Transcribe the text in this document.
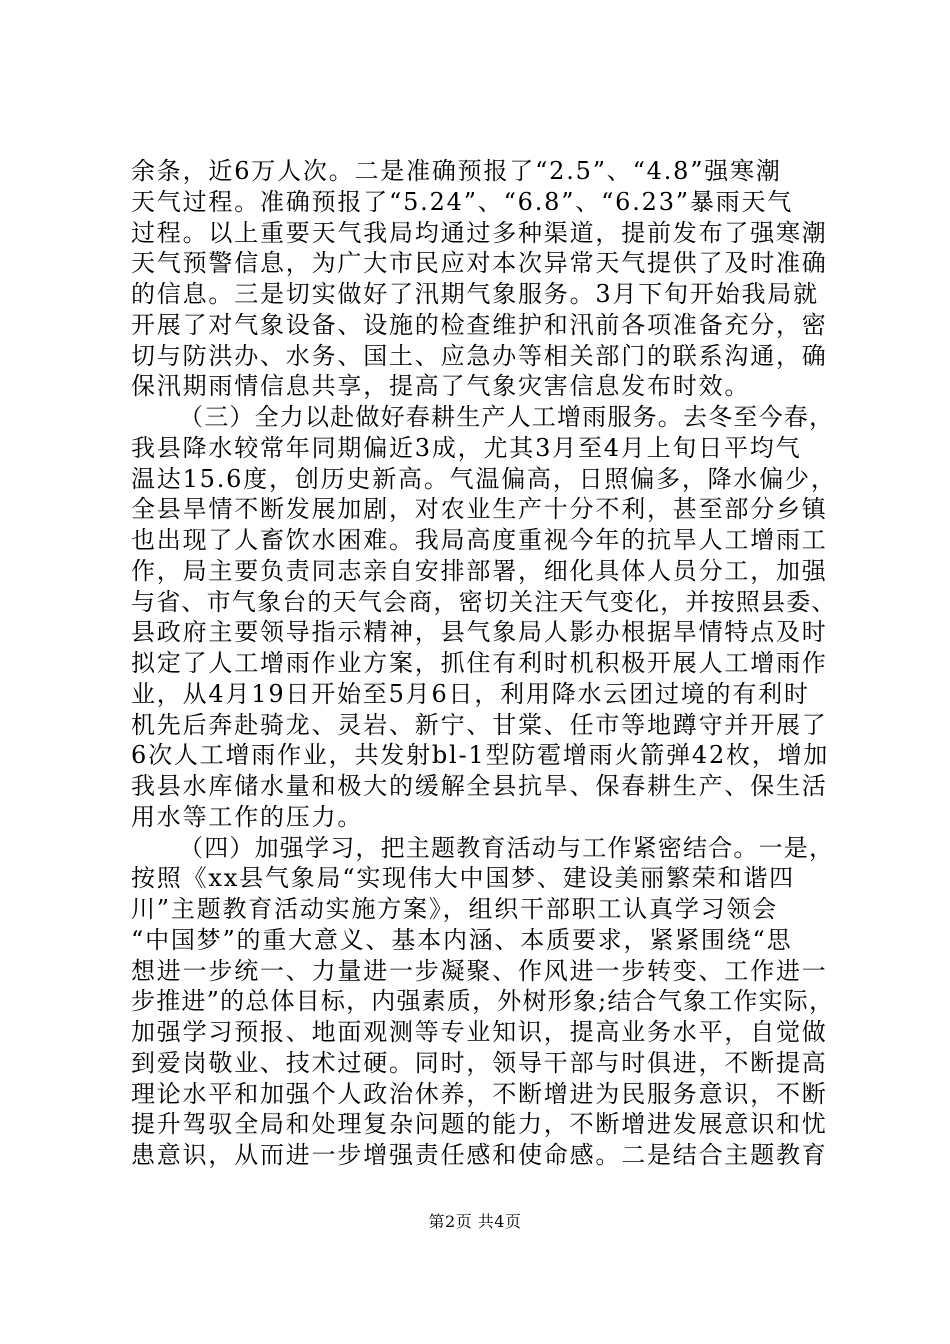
余条，近6万人次。二是准确预报了“2.5”、“4.8”强寒潮
天气过程。准确预报了“5.24”、“6.8”、“6.23”暴雨天气
过程。以上重要天气我局均通过多种渠道，提前发布了强寒潮
天气预警信息，为广大市民应对本次异常天气提供了及时准确
的信息。三是切实做好了汛期气象服务。3月下旬开始我局就
开展了对气象设备、设施的检查维护和汛前各项准备充分，密
切与防洪办、水务、国土、应急办等相关部门的联系沟通，确
保汛期雨情信息共享，提高了气象灾害信息发布时效。
（三）全力以赴做好春耕生产人工增雨服务。去冬至今春，
我县降水较常年同期偏近3成，尤其3月至4月上旬日平均气
温达15.6度，创历史新高。气温偏高，日照偏多，降水偏少，
全县旱情不断发展加剧，对农业生产十分不利，甚至部分乡镇
也出现了人畜饮水困难。我局高度重视今年的抗旱人工增雨工
作，局主要负责同志亲自安排部署，细化具体人员分工，加强
与省、市气象台的天气会商，密切关注天气变化，并按照县委、
县政府主要领导指示精神，县气象局人影办根据旱情特点及时
拟定了人工增雨作业方案，抓住有利时机积极开展人工增雨作
业，从4月19日开始至5月6日，利用降水云团过境的有利时
机先后奔赴骑龙、灵岩、新宁、甘棠、任市等地蹲守并开展了
6次人工增雨作业，共发射bl-1型防雹增雨火箭弹42枚，增加
我县水库储水量和极大的缓解全县抗旱、保春耕生产、保生活
用水等工作的压力。
（四）加强学习，把主题教育活动与工作紧密结合。一是，
按照《xx县气象局“实现伟大中国梦、建设美丽繁荣和谐四
川”主题教育活动实施方案》，组织干部职工认真学习领会
“中国梦”的重大意义、基本内涵、本质要求，紧紧围绕“思
想进一步统一、力量进一步凝聚、作风进一步转变、工作进一
步推进”的总体目标，内强素质，外树形象;结合气象工作实际，
加强学习预报、地面观测等专业知识，提高业务水平，自觉做
到爱岗敬业、技术过硬。同时，领导干部与时俱进，不断提高
理论水平和加强个人政治休养，不断增进为民服务意识，不断
提升驾驭全局和处理复杂问题的能力，不断增进发展意识和忧
患意识，从而进一步增强责任感和使命感。二是结合主题教育
第2页 共4页
